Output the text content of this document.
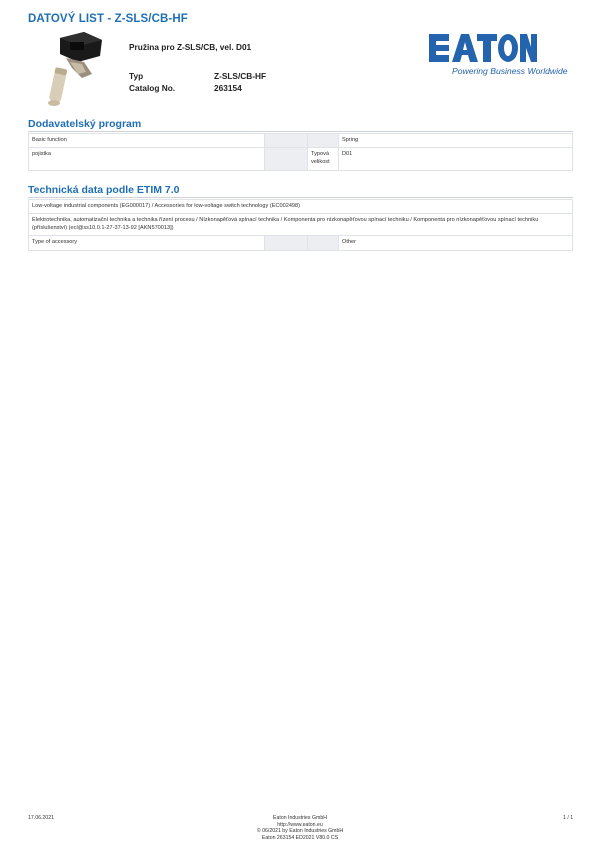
DATOVÝ LIST - Z-SLS/CB-HF
Pružina pro Z-SLS/CB, vel. D01
Typ	Z-SLS/CB-HF
Catalog No.	263154
Powering Business Worldwide
Dodavatelský program
Basic function			Spring
pojistka		Typová velikost	D01
Technická data podle ETIM 7.0
Low-voltage industrial components (EG000017) / Accessories for low-voltage switch technology (EC002498)
Elektrotechnika, automatizační technika a technika řízení procesu / Nízkonapěťová spínací technika / Komponenta pro nízkonapěťovou spínací techniku / Komponenta pro nízkonapěťovou spínací techniku (příslušenství) (ecl@ss10.0.1-27-37-13-92 [AKN570013])
Type of accessory			Other
17.06.2021	Eaton Industries GmbH
http://www.eaton.eu
© 06/2021 by Eaton Industries GmbH
Eaton 263154 ED2021 V80.0 CS
1 / 1
